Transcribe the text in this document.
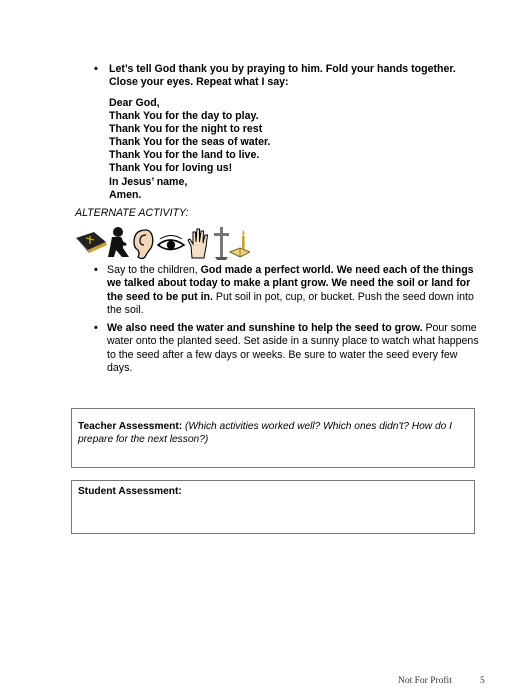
• Let’s tell God thank you by praying to him. Fold your hands together.
Close your eyes. Repeat what I say:
Dear God,
Thank You for the day to play.
Thank You for the night to rest
Thank You for the seas of water.
Thank You for the land to live.
Thank You for loving us!
In Jesus’ name,
Amen.
ALTERNATE ACTIVITY:
• Say to the children, God made a perfect world. We need each of the things
we talked about today to make a plant grow. We need the soil or land for
the seed to be put in. Put soil in pot, cup, or bucket. Push the seed down into
the soil.
• We also need the water and sunshine to help the seed to grow. Pour some
water onto the planted seed. Set aside in a sunny place to watch what happens
to the seed after a few days or weeks. Be sure to water the seed every few
days.
Teacher Assessment: (Which activities worked well? Which ones didn't? How do I
prepare for the next lesson?)
Student Assessment:
Not For Profit	5
